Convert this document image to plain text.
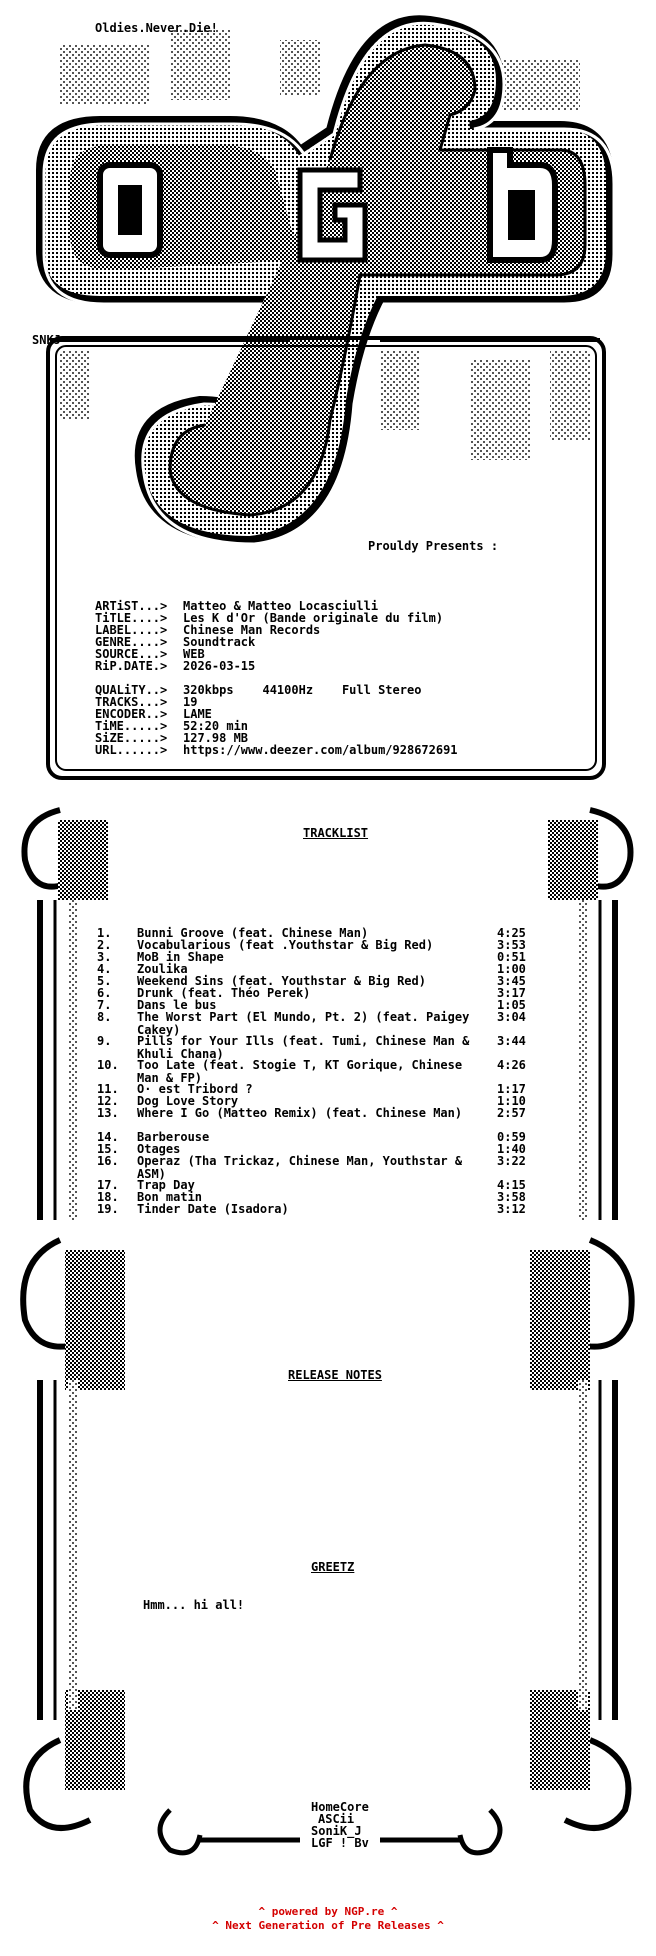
Oldies.Never.Die!
SNKJ
Prouldy Presents :
ARTiST...> Matteo & Matteo Locasciulli
TiTLE....> Les K d'Or (Bande originale du film)
LABEL....> Chinese Man Records
GENRE....> Soundtrack
SOURCE...> WEB
RiP.DATE.> 2026-03-15
QUALiTY..> 320kbps    44100Hz    Full Stereo
TRACKS...> 19
ENCODER..> LAME
TiME.....> 52:20 min
SiZE.....> 127.98 MB
URL......> https://www.deezer.com/album/928672691
TRACKLIST
1.	Bunni Groove (feat. Chinese Man)	4:25
2.	Vocabularious (feat .Youthstar & Big Red)	3:53
3.	MoB in Shape	0:51
4.	Zoulika	1:00
5.	Weekend Sins (feat. Youthstar & Big Red)	3:45
6.	Drunk (feat. Théo Perek)	3:17
7.	Dans le bus	1:05
8.	The Worst Part (El Mundo, Pt. 2) (feat. Paigey Cakey)
3:04
9.	Pills for Your Ills (feat. Tumi, Chinese Man & Khuli Chana)
3:44
10.	Too Late (feat. Stogie T, KT Gorique, Chinese Man & FP)
4:26
11.	O· est Tribord ?	1:17
12.	Dog Love Story	1:10
13.	Where I Go (Matteo Remix) (feat. Chinese Man)	2:57
14.	Barberouse	0:59
15.	Otages	1:40
16.	Operaz (Tha Trickaz, Chinese Man, Youthstar & ASM)
3:22
17.	Trap Day	4:15
18.	Bon matin	3:58
19.	Tinder Date (Isadora)	3:12
RELEASE NOTES
GREETZ
Hmm... hi all!
HomeCore
ASCii
SoniK_J
LGF ! Bv
^ powered by NGP.re ^
^ Next Generation of Pre Releases ^
